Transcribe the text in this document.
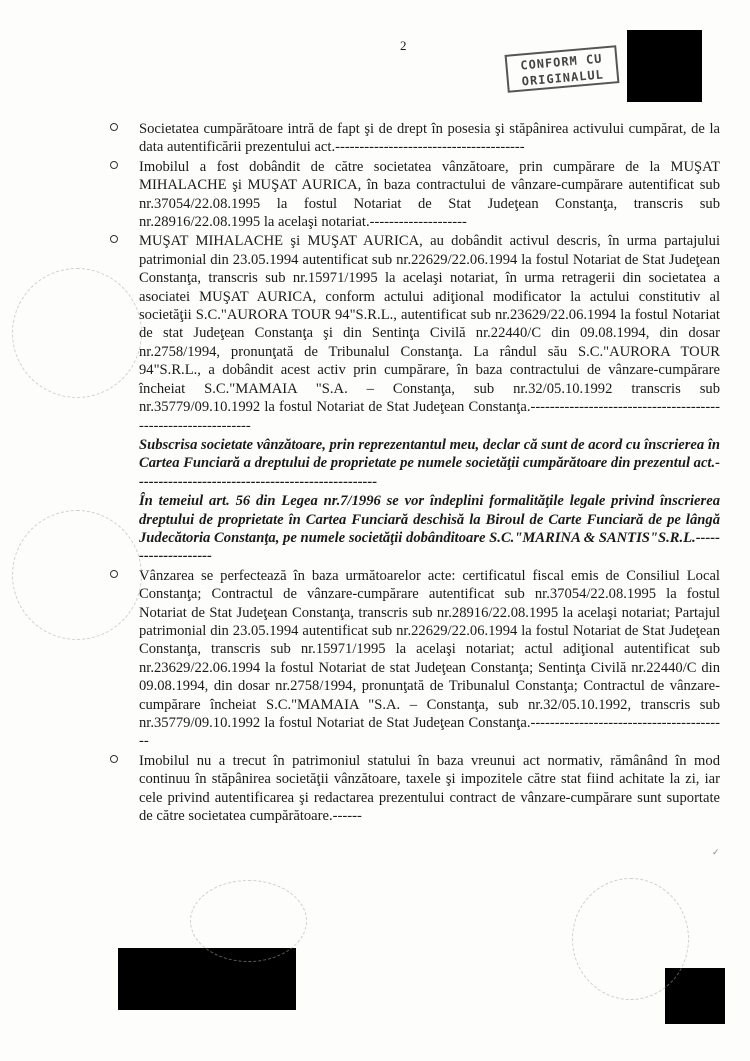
2
CONFORM CU
ORIGINALUL
✓

Societatea cumpărătoare intră de fapt şi de drept în posesia şi stăpânirea activului cumpărat, de la data autentificării prezentului act.---------------------------------------

Imobilul a fost dobândit de către societatea vânzătoare, prin cumpărare de la MUŞAT MIHALACHE şi MUŞAT AURICA, în baza contractului de vânzare-cumpărare autentificat sub nr.37054/22.08.1995 la fostul Notariat de Stat Judeţean Constanţa, transcris sub nr.28916/22.08.1995 la acelaşi notariat.--------------------

MUŞAT MIHALACHE şi MUŞAT AURICA, au dobândit activul descris, în urma partajului patrimonial din 23.05.1994 autentificat sub nr.22629/22.06.1994 la fostul Notariat de Stat Judeţean Constanţa, transcris sub nr.15971/1995 la acelaşi notariat, în urma retragerii din societatea a asociatei MUŞAT AURICA, conform actului adiţional modificator la actului constitutiv al societăţii S.C."AURORA TOUR 94"S.R.L., autentificat sub nr.23629/22.06.1994 la fostul Notariat de stat Judeţean Constanţa şi din Sentinţa Civilă nr.22440/C din 09.08.1994, din dosar nr.2758/1994, pronunţată de Tribunalul Constanţa. La rândul său S.C."AURORA TOUR 94"S.R.L., a dobândit acest activ prin cumpărare, în baza contractului de vânzare-cumpărare încheiat S.C."MAMAIA "S.A. – Constanţa, sub nr.32/05.10.1992 transcris sub nr.35779/09.10.1992 la fostul Notariat de Stat Judeţean Constanţa.--------------------------------------------------------------

Subscrisa societate vânzătoare, prin reprezentantul meu, declar că sunt de acord cu înscrierea în Cartea Funciară a dreptului de proprietate pe numele societăţii cumpărătoare din prezentul act.--------------------------------------------------

În temeiul art. 56 din Legea nr.7/1996 se vor îndeplini formalităţile legale privind înscrierea dreptului de proprietate în Cartea Funciară deschisă la Biroul de Carte Funciară de pe lângă Judecătoria Constanţa, pe numele societăţii dobânditoare S.C."MARINA & SANTIS"S.R.L.--------------------

Vânzarea se perfectează în baza următoarelor acte: certificatul fiscal emis de Consiliul Local Constanţa; Contractul de vânzare-cumpărare autentificat sub nr.37054/22.08.1995 la fostul Notariat de Stat Judeţean Constanţa, transcris sub nr.28916/22.08.1995 la acelaşi notariat; Partajul patrimonial din 23.05.1994 autentificat sub nr.22629/22.06.1994 la fostul Notariat de Stat Judeţean Constanţa, transcris sub nr.15971/1995 la acelaşi notariat; actul adiţional autentificat sub nr.23629/22.06.1994 la fostul Notariat de stat Judeţean Constanţa; Sentinţa Civilă nr.22440/C din 09.08.1994, din dosar nr.2758/1994, pronunţată de Tribunalul Constanţa; Contractul de vânzare-cumpărare încheiat S.C."MAMAIA "S.A. – Constanţa, sub nr.32/05.10.1992, transcris sub nr.35779/09.10.1992 la fostul Notariat de Stat Judeţean Constanţa.-----------------------------------------

Imobilul nu a trecut în patrimoniul statului în baza vreunui act normativ, rămânând în mod continuu în stăpânirea societăţii vânzătoare, taxele şi impozitele către stat fiind achitate la zi, iar cele privind autentificarea şi redactarea prezentului contract de vânzare-cumpărare sunt suportate de către societatea cumpărătoare.------
